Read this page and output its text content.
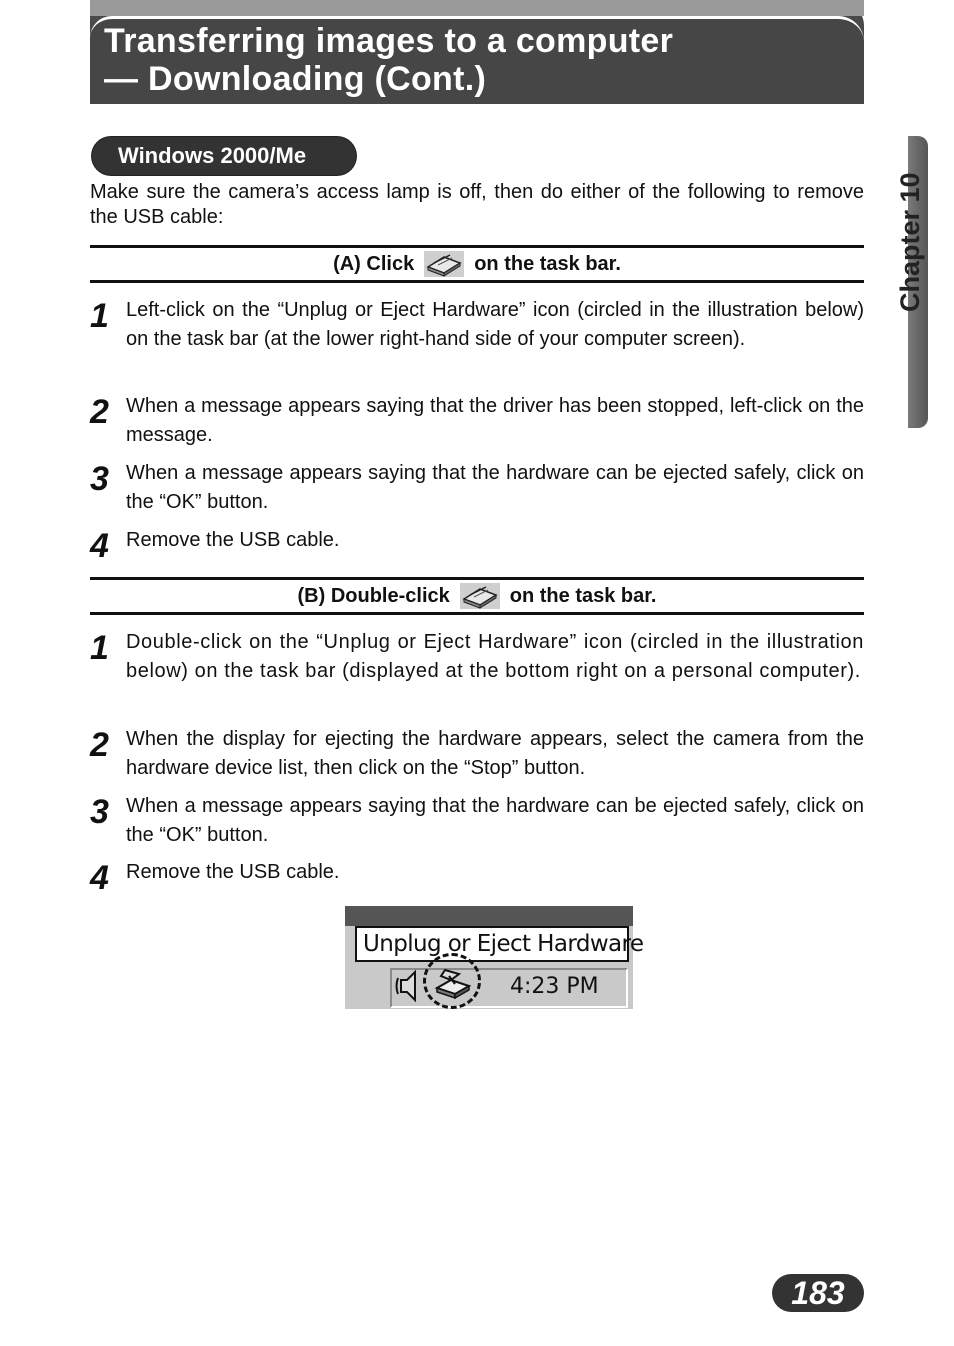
Transferring images to a computer
— Downloading (Cont.)
Windows 2000/Me
Make sure the camera’s access lamp is off, then do either of the following to remove the USB cable:
(A) Click	on the task bar.
1 Left-click on the “Unplug or Eject Hardware” icon (circled in the illustration below) on the task bar (at the lower right-hand side of your computer screen).
2 When a message appears saying that the driver has been stopped, left-click on the message.
3 When a message appears saying that the hardware can be ejected safely, click on the “OK” button.
4 Remove the USB cable.
(B) Double-click	on the task bar.
1 Double-click on the “Unplug or Eject Hardware” icon (circled in the illustration below) on the task bar (displayed at the bottom right on a personal computer).
2 When the display for ejecting the hardware appears, select the camera from the hardware device list, then click on the “Stop” button.
3 When a message appears saying that the hardware can be ejected safely, click on the “OK” button.
4 Remove the USB cable.
Unplug or Eject Hardware
4:23 PM
Chapter 10
183
